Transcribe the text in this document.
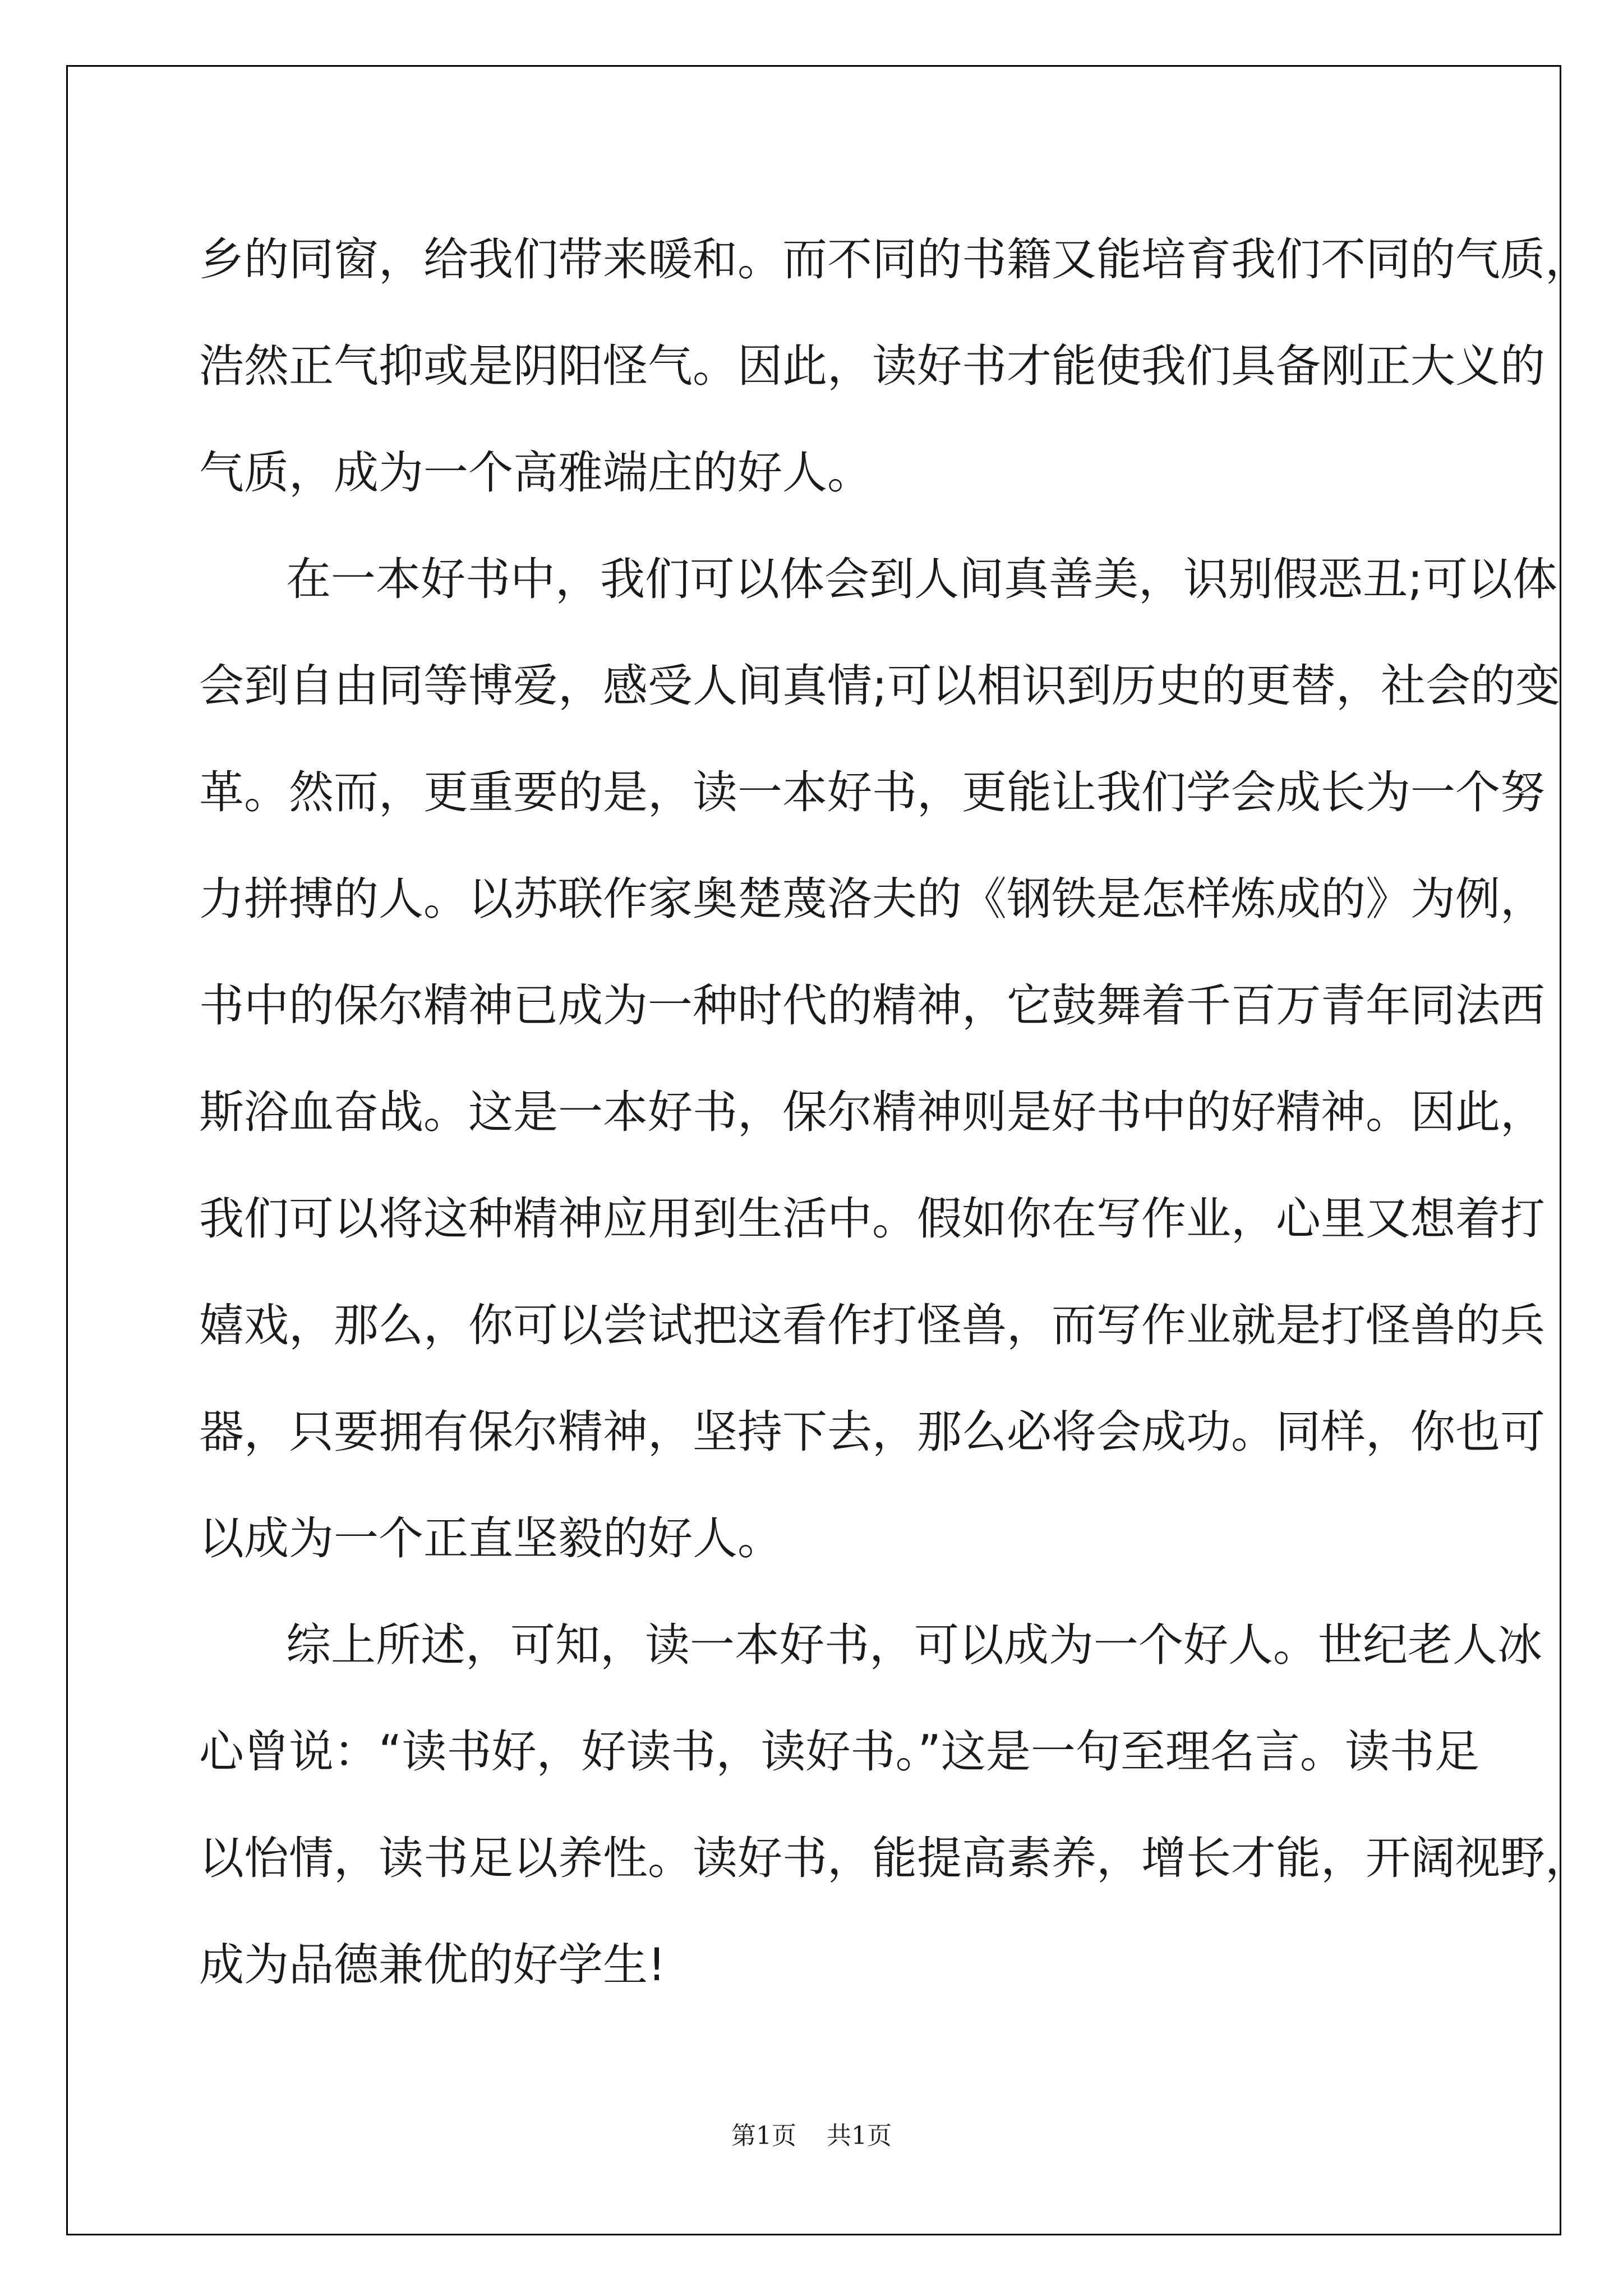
乡的同窗，给我们带来暖和。而不同的书籍又能培育我们不同的气质，
浩然正气抑或是阴阳怪气。因此，读好书才能使我们具备刚正大义的
气质，成为一个高雅端庄的好人。
在一本好书中，我们可以体会到人间真善美，识别假恶丑;可以体
会到自由同等博爱，感受人间真情;可以相识到历史的更替，社会的变
革。然而，更重要的是，读一本好书，更能让我们学会成长为一个努
力拼搏的人。以苏联作家奥楚蔑洛夫的《钢铁是怎样炼成的》为例，
书中的保尔精神已成为一种时代的精神，它鼓舞着千百万青年同法西
斯浴血奋战。这是一本好书，保尔精神则是好书中的好精神。因此，
我们可以将这种精神应用到生活中。假如你在写作业，心里又想着打
嬉戏，那么，你可以尝试把这看作打怪兽，而写作业就是打怪兽的兵
器，只要拥有保尔精神，坚持下去，那么必将会成功。同样，你也可
以成为一个正直坚毅的好人。
综上所述，可知，读一本好书，可以成为一个好人。世纪老人冰
心曾说：“读书好，好读书，读好书。”这是一句至理名言。读书足
以怡情，读书足以养性。读好书，能提高素养，增长才能，开阔视野，
成为品德兼优的好学生!
第1页 共1页
